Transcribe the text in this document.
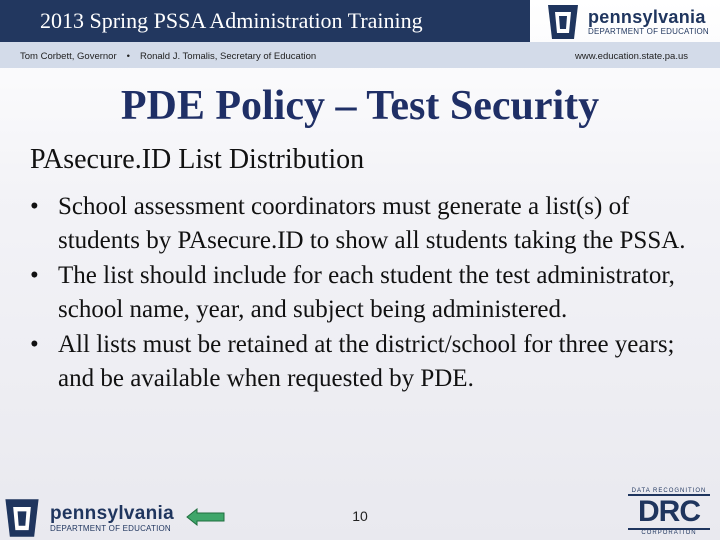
2013 Spring PSSA Administration Training	pennsylvania
DEPARTMENT OF EDUCATION
Tom Corbett, Governor • Ronald J. Tomalis, Secretary of Education	www.education.state.pa.us
PDE Policy – Test Security
PAsecure.ID List Distribution
• School assessment coordinators must generate a list(s) of students by PAsecure.ID to show all students taking the PSSA.
• The list should include for each student the test administrator, school name, year, and subject being administered.
• All lists must be retained at the district/school for three years; and be available when requested by PDE.
pennsylvania
DEPARTMENT OF EDUCATION
10
DATA RECOGNITION
DRC
CORPORATION
